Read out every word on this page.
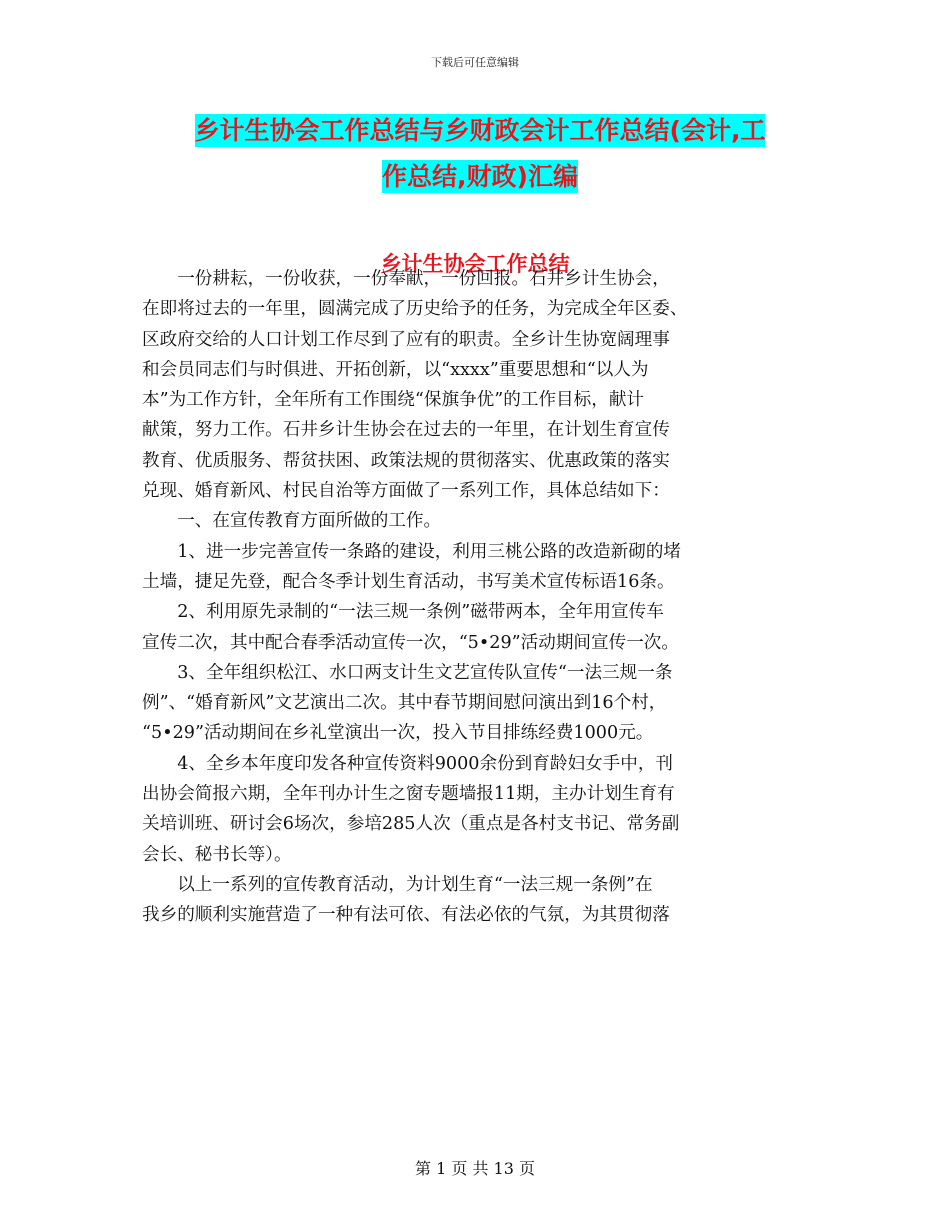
下载后可任意编辑
乡计生协会工作总结与乡财政会计工作总结(会计,工
作总结,财政)汇编
乡计生协会工作总结
　　一份耕耘，一份收获，一份奉献，一份回报。石井乡计生协会，
在即将过去的一年里，圆满完成了历史给予的任务，为完成全年区委、
区政府交给的人口计划工作尽到了应有的职责。全乡计生协宽阔理事
和会员同志们与时俱进、开拓创新，以“xxxx”重要思想和“以人为
本”为工作方针，全年所有工作围绕“保旗争优”的工作目标，献计
献策，努力工作。石井乡计生协会在过去的一年里，在计划生育宣传
教育、优质服务、帮贫扶困、政策法规的贯彻落实、优惠政策的落实
兑现、婚育新风、村民自治等方面做了一系列工作，具体总结如下：
　　一、在宣传教育方面所做的工作。
　　1、进一步完善宣传一条路的建设，利用三桃公路的改造新砌的堵
土墙，捷足先登，配合冬季计划生育活动，书写美术宣传标语16条。
　　2、利用原先录制的“一法三规一条例”磁带两本，全年用宣传车
宣传二次，其中配合春季活动宣传一次，“5•29”活动期间宣传一次。
　　3、全年组织松江、水口两支计生文艺宣传队宣传“一法三规一条
例”、“婚育新风”文艺演出二次。其中春节期间慰问演出到16个村，
“5•29”活动期间在乡礼堂演出一次，投入节目排练经费1000元。
　　4、全乡本年度印发各种宣传资料9000余份到育龄妇女手中，刊
出协会简报六期，全年刊办计生之窗专题墙报11期，主办计划生育有
关培训班、研讨会6场次，参培285人次（重点是各村支书记、常务副
会长、秘书长等）。
　　以上一系列的宣传教育活动，为计划生育“一法三规一条例”在
我乡的顺利实施营造了一种有法可依、有法必依的气氛，为其贯彻落
第 1 页 共 13 页
